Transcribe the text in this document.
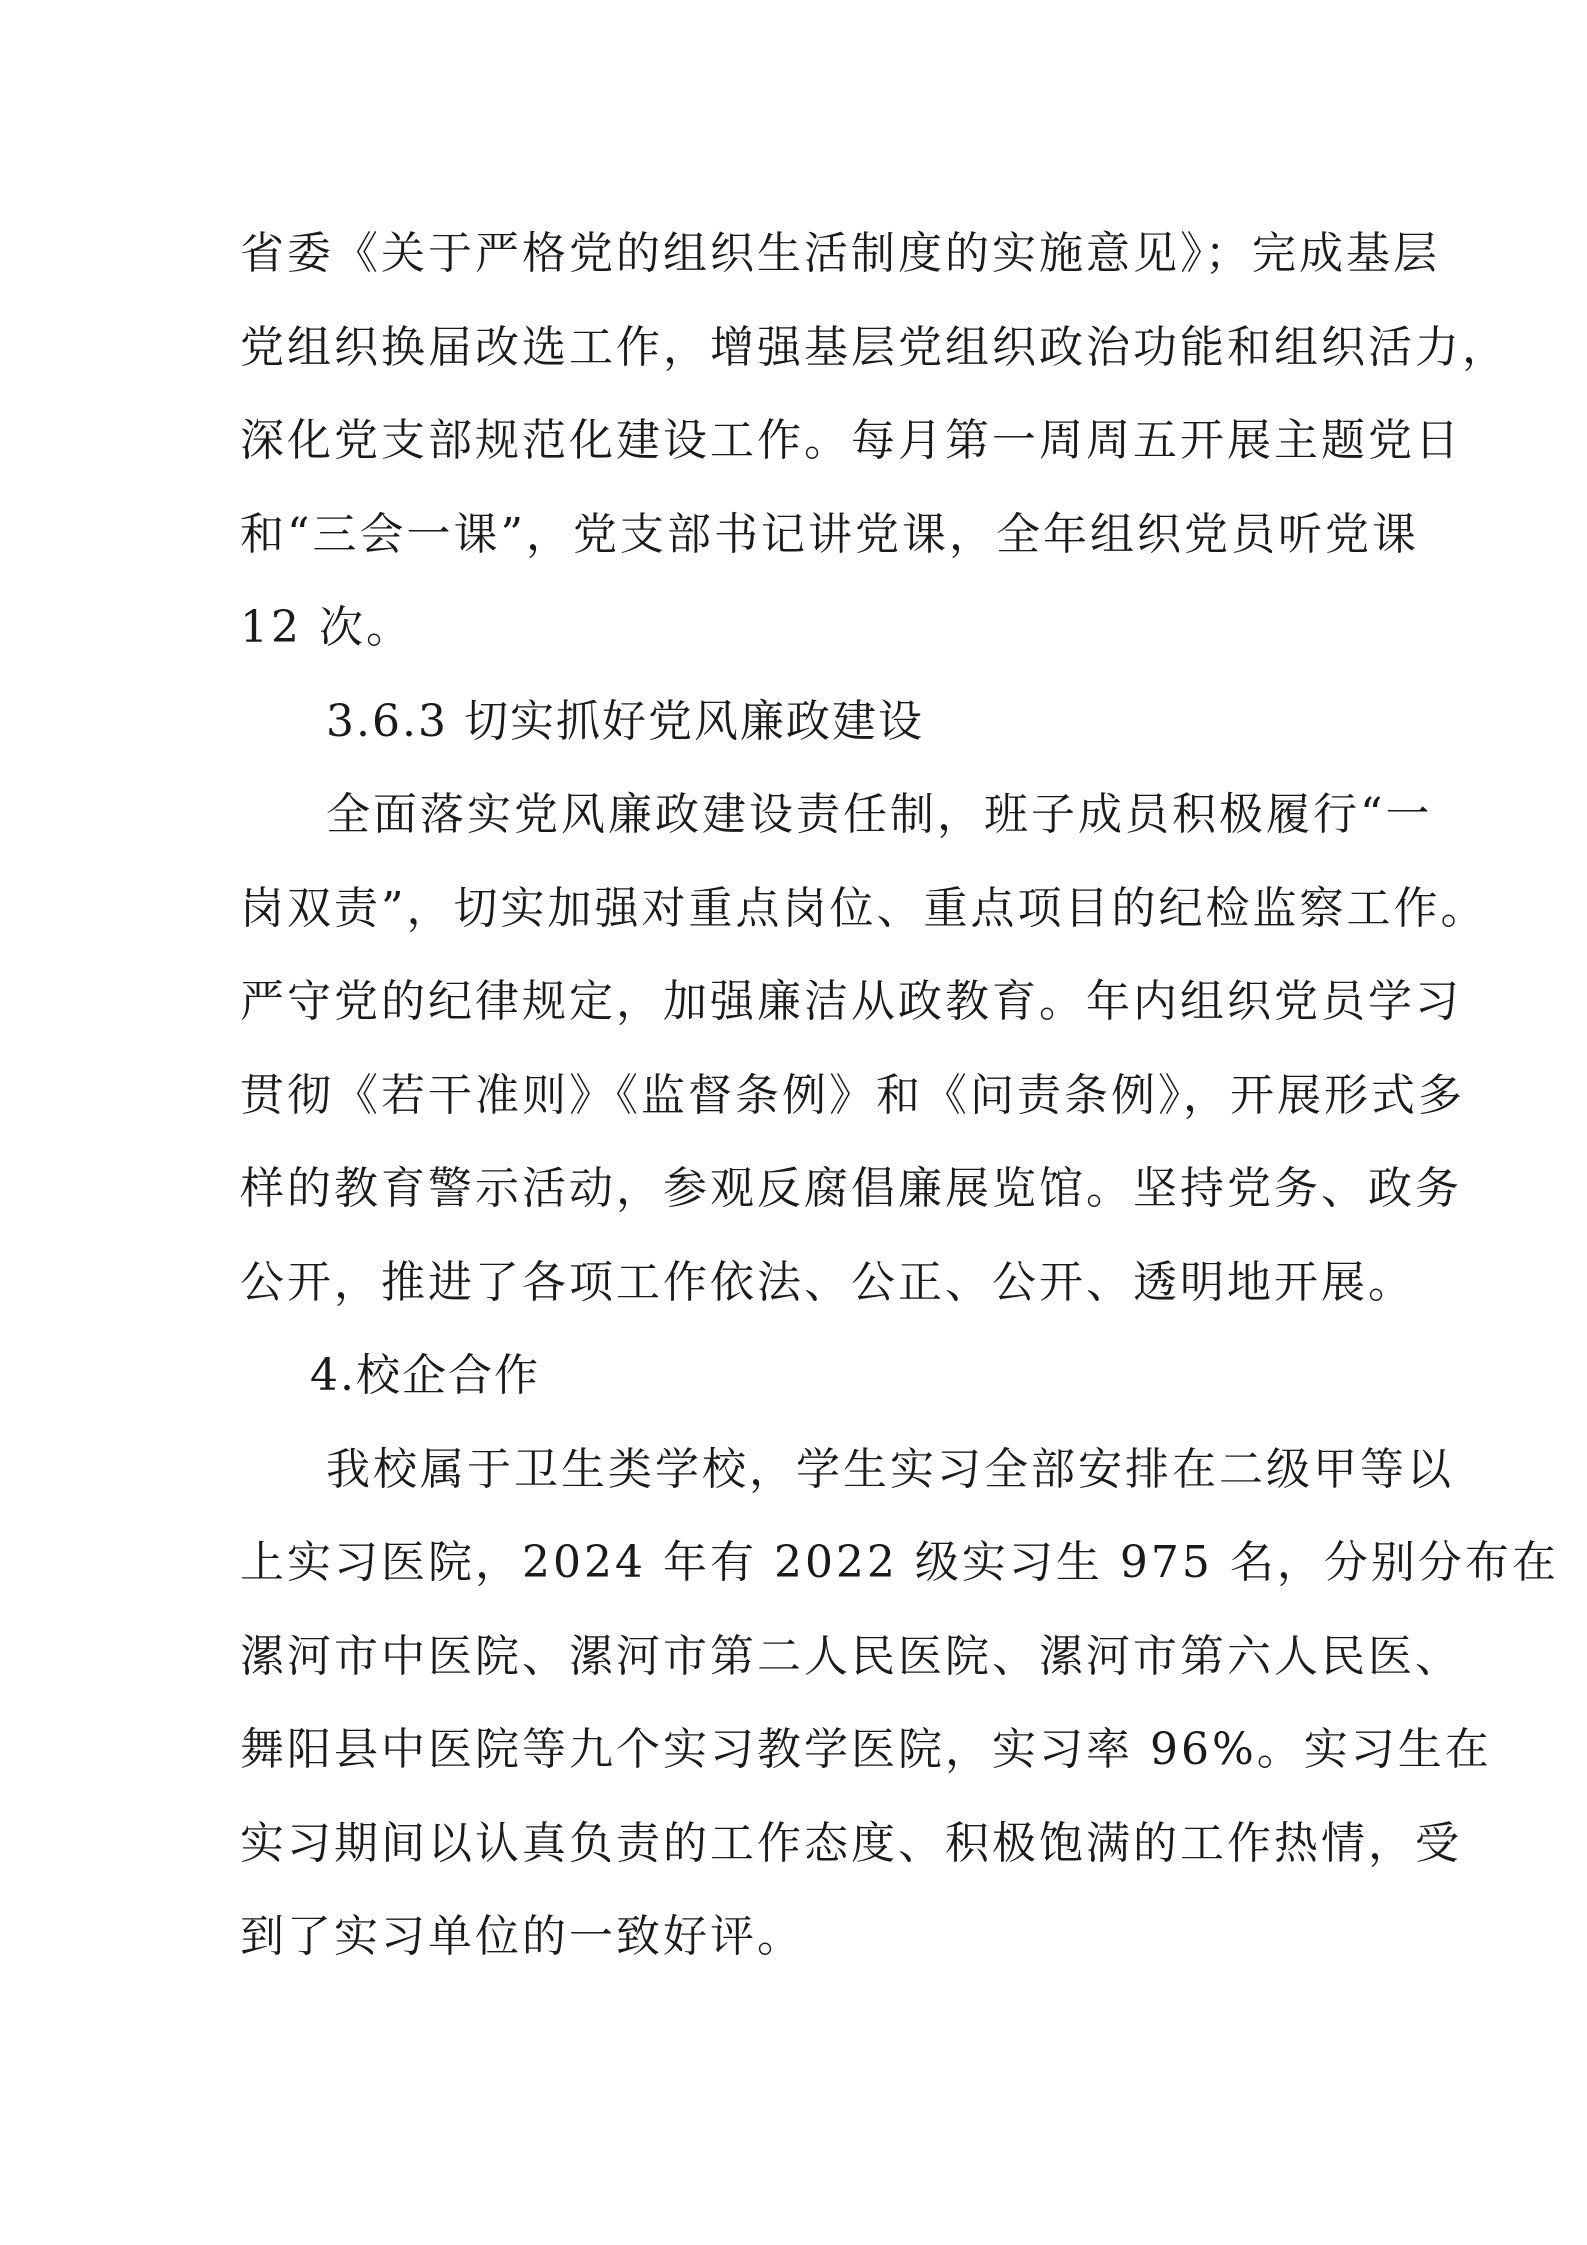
省委《关于严格党的组织生活制度的实施意见》；完成基层
党组织换届改选工作，增强基层党组织政治功能和组织活力，
深化党支部规范化建设工作。每月第一周周五开展主题党日
和“三会一课”，党支部书记讲党课，全年组织党员听党课
12 次。
3.6.3 切实抓好党风廉政建设
全面落实党风廉政建设责任制，班子成员积极履行“一
岗双责”，切实加强对重点岗位、重点项目的纪检监察工作。
严守党的纪律规定，加强廉洁从政教育。年内组织党员学习
贯彻《若干准则》《监督条例》和《问责条例》，开展形式多
样的教育警示活动，参观反腐倡廉展览馆。坚持党务、政务
公开，推进了各项工作依法、公正、公开、透明地开展。
4.校企合作
我校属于卫生类学校，学生实习全部安排在二级甲等以
上实习医院，2024 年有 2022 级实习生 975 名，分别分布在
漯河市中医院、漯河市第二人民医院、漯河市第六人民医、
舞阳县中医院等九个实习教学医院，实习率 96%。实习生在
实习期间以认真负责的工作态度、积极饱满的工作热情，受
到了实习单位的一致好评。
